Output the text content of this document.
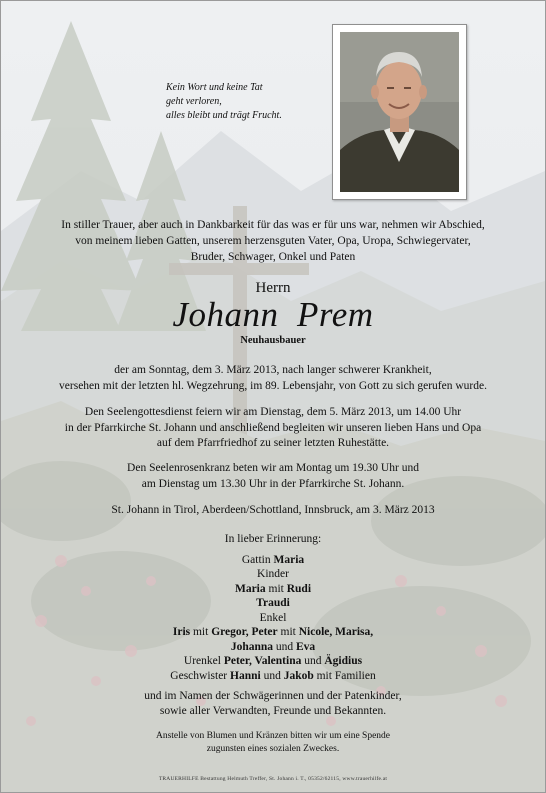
Kein Wort und keine Tat
geht verloren,
alles bleibt und trägt Frucht.
In stiller Trauer, aber auch in Dankbarkeit für das was er für uns war, nehmen wir Abschied,
von meinem lieben Gatten, unserem herzensguten Vater, Opa, Uropa, Schwiegervater,
Bruder, Schwager, Onkel und Paten
Herrn
Johann Prem
Neuhausbauer
der am Sonntag, dem 3. März 2013, nach langer schwerer Krankheit,
versehen mit der letzten hl. Wegzehrung, im 89. Lebensjahr, von Gott zu sich gerufen wurde.
Den Seelengottesdienst feiern wir am Dienstag, dem 5. März 2013, um 14.00 Uhr
in der Pfarrkirche St. Johann und anschließend begleiten wir unseren lieben Hans und Opa
auf dem Pfarrfriedhof zu seiner letzten Ruhestätte.
Den Seelenrosenkranz beten wir am Montag um 19.30 Uhr und
am Dienstag um 13.30 Uhr in der Pfarrkirche St. Johann.
St. Johann in Tirol, Aberdeen/Schottland, Innsbruck, am 3. März 2013
In lieber Erinnerung:
Gattin Maria
Kinder
Maria mit Rudi
Traudi
Enkel
Iris mit Gregor, Peter mit Nicole, Marisa,
Johanna und Eva
Urenkel Peter, Valentina und Ägidius
Geschwister Hanni und Jakob mit Familien
und im Namen der Schwägerinnen und der Patenkinder,
sowie aller Verwandten, Freunde und Bekannten.
Anstelle von Blumen und Kränzen bitten wir um eine Spende
zugunsten eines sozialen Zweckes.
TRAUERHILFE Bestattung Helmuth Treffer, St. Johann i. T., 05352/62115, www.trauerhilfe.at
